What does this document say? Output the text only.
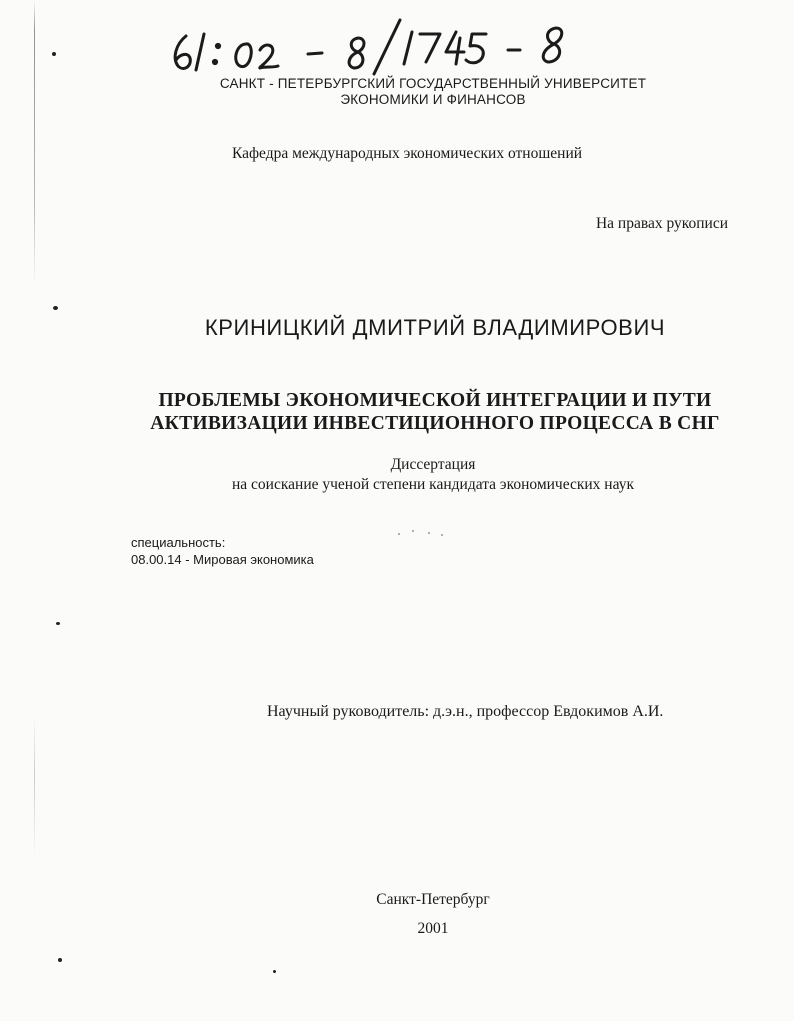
САНКТ - ПЕТЕРБУРГСКИЙ ГОСУДАРСТВЕННЫЙ УНИВЕРСИТЕТ
ЭКОНОМИКИ И ФИНАНСОВ
Кафедра международных экономических отношений
На правах рукописи
КРИНИЦКИЙ ДМИТРИЙ ВЛАДИМИРОВИЧ
ПРОБЛЕМЫ ЭКОНОМИЧЕСКОЙ ИНТЕГРАЦИИ И ПУТИ
АКТИВИЗАЦИИ ИНВЕСТИЦИОННОГО ПРОЦЕССА В СНГ
Диссертация
на соискание ученой степени кандидата экономических наук
специальность:
08.00.14 - Мировая экономика
Научный руководитель: д.э.н., профессор Евдокимов А.И.
Санкт-Петербург
2001
